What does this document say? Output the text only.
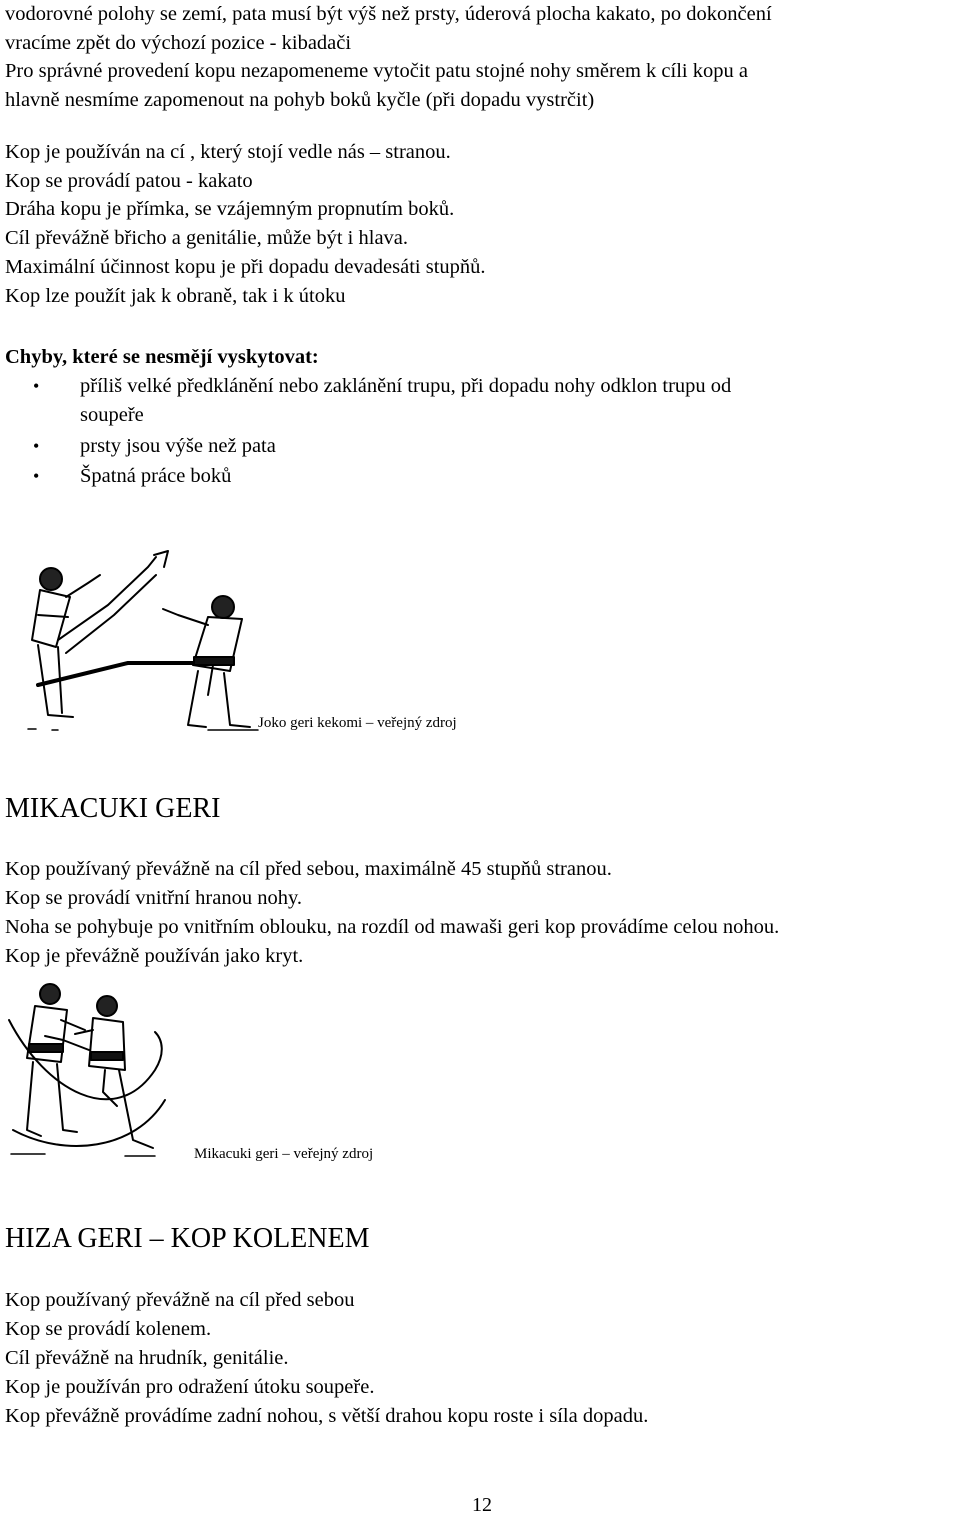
vodorovné polohy se zemí, pata musí být výš než prsty, úderová plocha kakato, po dokončení
vracíme zpět do výchozí pozice - kibadači
Pro správné provedení kopu nezapomeneme vytočit patu stojné nohy směrem k cíli kopu a
hlavně nesmíme zapomenout na pohyb boků kyčle (při dopadu vystrčit)
Kop je používán na cí , který stojí vedle nás – stranou.
Kop se provádí patou - kakato
Dráha kopu je přímka, se vzájemným propnutím boků.
Cíl převážně břicho a genitálie, může být i hlava.
Maximální účinnost kopu je při dopadu devadesáti stupňů.
Kop lze použít jak k obraně, tak i k útoku
Chyby, které se nesmějí vyskytovat:
• příliš velké předklánění nebo zaklánění trupu, při dopadu nohy odklon trupu od
soupeře
• prsty jsou výše než pata
• Špatná práce boků
Joko geri kekomi – veřejný zdroj
MIKACUKI GERI
Kop používaný převážně na cíl před sebou, maximálně 45 stupňů stranou.
Kop se provádí vnitřní hranou nohy.
Noha se pohybuje po vnitřním oblouku, na rozdíl od mawaši geri kop provádíme celou nohou.
Kop je převážně používán jako kryt.
Mikacuki geri – veřejný zdroj
HIZA GERI – KOP KOLENEM
Kop používaný převážně na cíl před sebou
Kop se provádí kolenem.
Cíl převážně na hrudník, genitálie.
Kop je používán pro odražení útoku soupeře.
Kop převážně provádíme zadní nohou, s větší drahou kopu roste i síla dopadu.
12
